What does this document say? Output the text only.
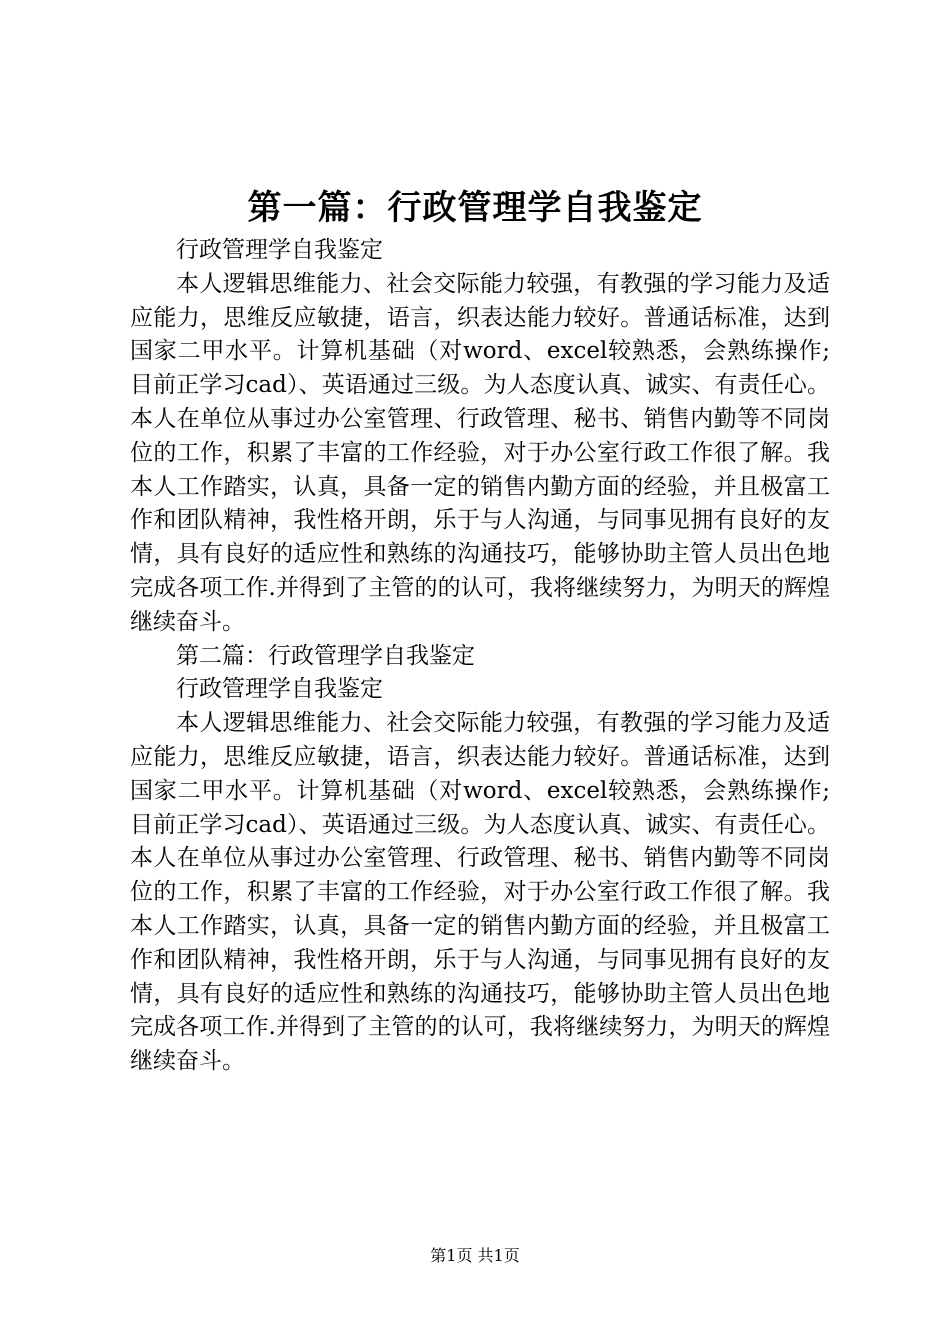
第一篇：行政管理学自我鉴定

行政管理学自我鉴定

本人逻辑思维能力、社会交际能力较强，有教强的学习能力及适应能力，思维反应敏捷，语言，织表达能力较好。普通话标准，达到国家二甲水平。计算机基础（对word、excel较熟悉，会熟练操作;目前正学习cad）、英语通过三级。为人态度认真、诚实、有责任心。本人在单位从事过办公室管理、行政管理、秘书、销售内勤等不同岗位的工作，积累了丰富的工作经验，对于办公室行政工作很了解。我本人工作踏实，认真，具备一定的销售内勤方面的经验，并且极富工作和团队精神，我性格开朗，乐于与人沟通，与同事见拥有良好的友情，具有良好的适应性和熟练的沟通技巧，能够协助主管人员出色地完成各项工作.并得到了主管的的认可，我将继续努力，为明天的辉煌继续奋斗。

第二篇：行政管理学自我鉴定

行政管理学自我鉴定

本人逻辑思维能力、社会交际能力较强，有教强的学习能力及适应能力，思维反应敏捷，语言，织表达能力较好。普通话标准，达到国家二甲水平。计算机基础（对word、excel较熟悉，会熟练操作;目前正学习cad）、英语通过三级。为人态度认真、诚实、有责任心。本人在单位从事过办公室管理、行政管理、秘书、销售内勤等不同岗位的工作，积累了丰富的工作经验，对于办公室行政工作很了解。我本人工作踏实，认真，具备一定的销售内勤方面的经验，并且极富工作和团队精神，我性格开朗，乐于与人沟通，与同事见拥有良好的友情，具有良好的适应性和熟练的沟通技巧，能够协助主管人员出色地完成各项工作.并得到了主管的的认可，我将继续努力，为明天的辉煌继续奋斗。

第1页 共1页
